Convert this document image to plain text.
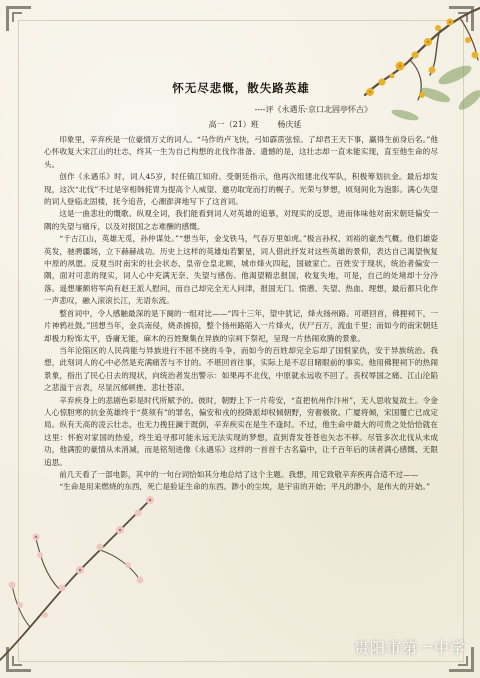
怀无尽悲慨，散失路英雄
----评《永遇乐·京口北固亭怀古》
高一（21）班 杨庆延

印象里，辛弃疾是一位豪情万丈的词人。“马作的卢飞快，弓如霹雳弦惊。了却君王天下事，赢得生前身后名。”他心怀收复大宋江山的壮志，终其一生为自己构想的北伐作准备。遗憾的是，这壮志却一直未能实现，直至他生命的尽头。

创作《永遇乐》时，词人45岁，时任镇江知府。受朝廷指示，他再次组建北伐军队，积极筹划抗金。最后却发现，这次“北伐”不过是宰相韩侂胄为提高个人威望、邀功取宠而打的幌子。光荣与梦想，顷刻间化为泡影。满心失望的词人登临北固楼，抚今追昔，心潮澎湃地写下了这首词。

这是一曲悲壮的慨歌。纵观全词，我们能看到词人对英雄的追慕，对现实的反思，进而体味他对南宋朝廷偏安一隅的失望与痛斥，以及对报国之志难酬的感慨。

“千古江山，英雄无觅，孙仲谋处。”“想当年，金戈铁马，气吞万里如虎。”极言孙权、刘裕的豪杰气概。他们雄姿英发，驰骋疆场，立下赫赫战功。历史上这样的英雄灿若繁星，词人借此抒发对这些英雄的景仰，表达自己渴望恢复中原的夙愿。反观当时南宋的社会状态，皇帝仓皇北顾，城市烽火四起，国破家亡。百姓安于现状，统治者偏安一隅，面对可悲的现实，词人心中充满无奈、失望与感伤。他渴望精忠报国，收复失地，可是，自己的处境却十分冷落。遥想廉颇将军尚有赵王派人慰问，而自己却完全无人问津，报国无门。愤懑、失望、热血、理想，最后都只化作一声悲叹，融入滚滚长江，无语东流。

整首词中，令人感触最深的是下阕的一组对比——“四十三年，望中犹记，烽火扬州路。可堪回首，佛狸祠下，一片神鸦社鼓。”回想当年，金兵南侵，烧杀掳掠，整个扬州路陷入一片烽火，伏尸百万，流血千里；而如今的南宋朝廷却极力粉饰太平，昏庸无能，麻木的百姓聚集在异族的宗祠下祭祀，呈现一片热闹欢腾的景象。

当年沦陷区的人民尚能与异族进行不屈不挠的斗争，而如今的百姓却完全忘却了国恨家仇，安于异族统治。我想，此刻词人的心中必然是充满痛苦与不甘的。不堪回首往事，实际上是不忍目睹眼前的事实。他用佛狸祠下的热闹景象，指出了民心日去的现状，向统治者发出警示：如果再不北伐，中原就永远收不回了。丧权辱国之痛、江山沦陷之悲溢于言表，尽显沉郁顿挫、悲壮苍凉。

辛弃疾身上的悲剧色彩是时代所赋予的。彼时，朝野上下一片苟安，“直把杭州作汴州”，无人思收复故土。令金人心惊胆寒的抗金英雄终于“莫须有”的罪名，偏安和戎的投降派却权倾朝野，穷奢极欲。广厦将倾，宋国覆亡已成定局。纵有天高的凌云壮志，也无力挽狂澜于既倒，辛弃疾实在是生不逢时。不过，他生命中最大的可贵之处恰恰就在这里：怀抱对家国的热爱，终生追寻那可能永远无法实现的梦想，直到背发苍苍也矢志不移。尽管多次北伐从未成功，他满腔的豪情从未消减，而是铭刻进像《永遇乐》这样的一首首千古名篇中，让千百年后的读者满心感慨、无限追思。

前几天看了一部电影，其中的一句台词恰如其分地总结了这个主题。我想，用它致敬辛弃疾再合适不过——

“生命是用来燃烧的东西，死亡是验证生命的东西。渺小的尘埃，是宇宙的开始；平凡的渺小，是伟大的开始。”

贵阳市第一中学
